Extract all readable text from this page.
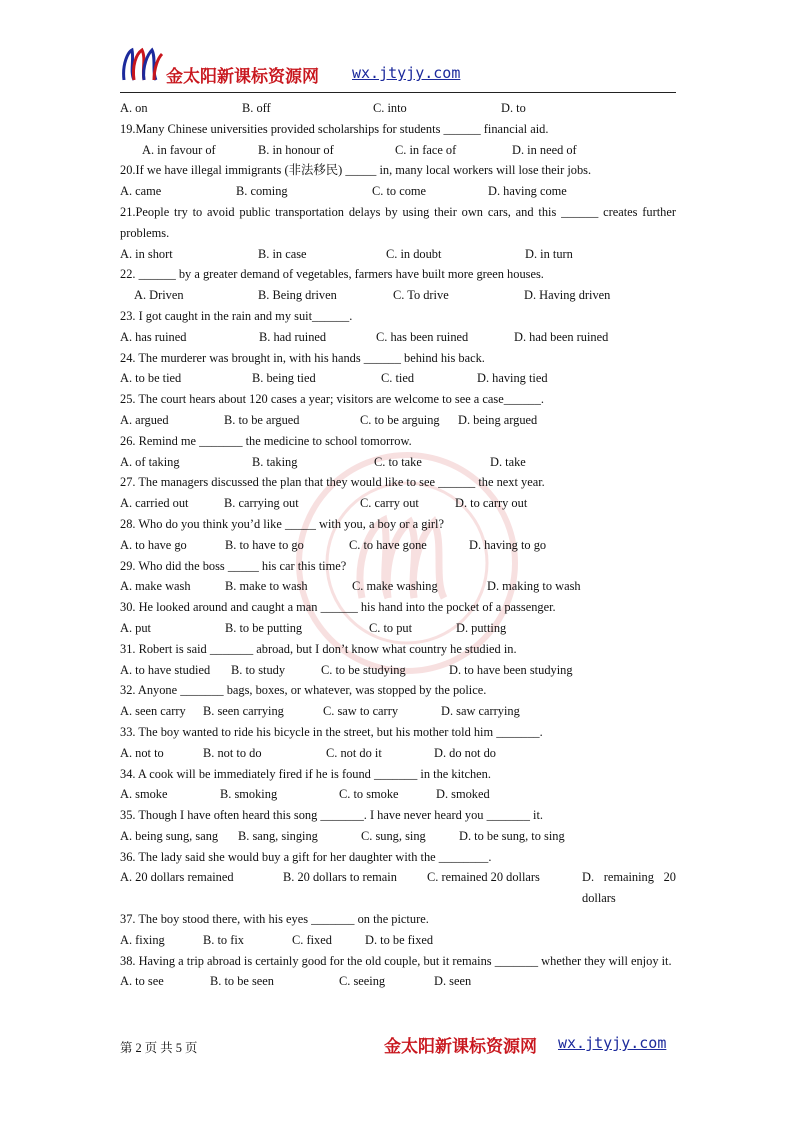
金太阳新课标资源网 wx.jtyjy.com
A. on	B. off	C. into	D. to
19.Many Chinese universities provided scholarships for students ______ financial aid.
A. in favour of	B. in honour of	C. in face of	D. in need of
20.If we have illegal immigrants (非法移民) _____ in, many local workers will lose their jobs.
A. came	B. coming	C. to come	D. having come
21.People try to avoid public transportation delays by using their own cars, and this ______ creates further problems.
A. in short	B. in case	C. in doubt	D. in turn
22. ______ by a greater demand of vegetables, farmers have built more green houses.
A. Driven	B. Being driven	C. To drive	D. Having driven
23. I got caught in the rain and my suit______.
A. has ruined	B. had ruined	C. has been ruined	D. had been ruined
24. The murderer was brought in, with his hands ______ behind his back.
A. to be tied	B. being tied	C. tied	D. having tied
25. The court hears about 120 cases a year; visitors are welcome to see a case______.
A. argued	B. to be argued	C. to be arguing D. being argued
26. Remind me _______ the medicine to school tomorrow.
A. of taking	B. taking	C. to take	D. take
27. The managers discussed the plan that they would like to see ______ the next year.
A. carried out	B. carrying out	C. carry out	D. to carry out
28. Who do you think you’d like _____ with you, a boy or a girl?
A. to have go	B. to have to go	C. to have gone	D. having to go
29. Who did the boss _____ his car this time?
A. make wash	B. make to wash	C. make washing	D. making to wash
30. He looked around and caught a man ______ his hand into the pocket of a passenger.
A. put	B. to be putting	C. to put	D. putting
31. Robert is said _______ abroad, but I don’t know what country he studied in.
A. to have studied B. to study	C. to be studying	D. to have been studying
32. Anyone _______ bags, boxes, or whatever, was stopped by the police.
A. seen carry B. seen carrying	C. saw to carry	D. saw carrying
33. The boy wanted to ride his bicycle in the street, but his mother told him _______.
A. not to	B. not to do	C. not do it	D. do not do
34. A cook will be immediately fired if he is found _______ in the kitchen.
A. smoke	B. smoking	C. to smoke	D. smoked
35. Though I have often heard this song _______. I have never heard you _______ it.
A. being sung, sang B. sang, singing	C. sung, sing	D. to be sung, to sing
36. The lady said she would buy a gift for her daughter with the ________.
A. 20 dollars remained	B. 20 dollars to remain C. remained 20 dollars	D. remaining 20 dollars
37. The boy stood there, with his eyes _______ on the picture.
A. fixing	B. to fix	C. fixed	D. to be fixed
38. Having a trip abroad is certainly good for the old couple, but it remains _______ whether they will enjoy it.
A. to see	B. to be seen	C. seeing	D. seen
第 2 页 共 5 页	金太阳新课标资源网 wx.jtyjy.com
